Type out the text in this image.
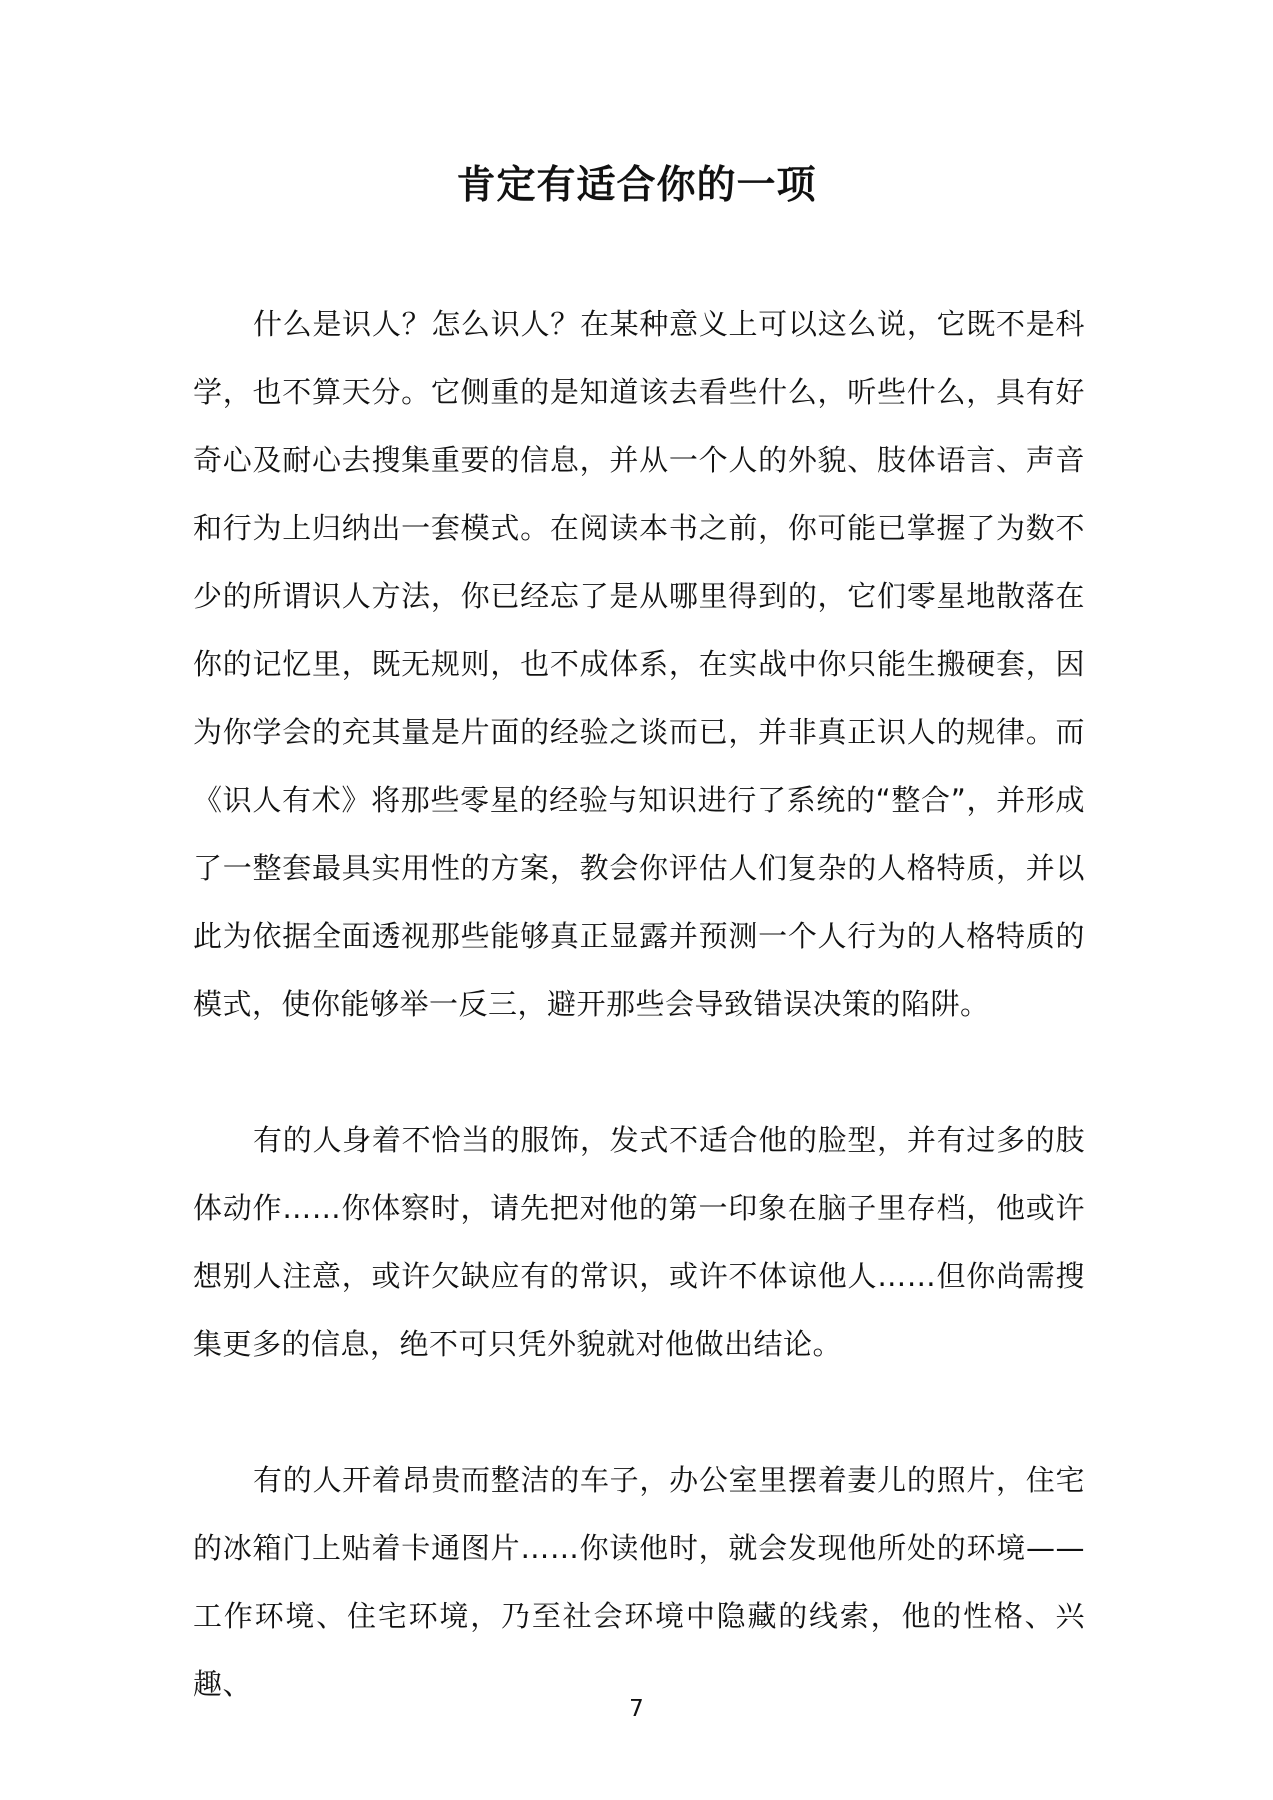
肯定有适合你的一项

什么是识人？怎么识人？在某种意义上可以这么说，它既不是科学，也不算天分。它侧重的是知道该去看些什么，听些什么，具有好奇心及耐心去搜集重要的信息，并从一个人的外貌、肢体语言、声音和行为上归纳出一套模式。在阅读本书之前，你可能已掌握了为数不少的所谓识人方法，你已经忘了是从哪里得到的，它们零星地散落在你的记忆里，既无规则，也不成体系，在实战中你只能生搬硬套，因为你学会的充其量是片面的经验之谈而已，并非真正识人的规律。而《识人有术》将那些零星的经验与知识进行了系统的“整合”，并形成了一整套最具实用性的方案，教会你评估人们复杂的人格特质，并以此为依据全面透视那些能够真正显露并预测一个人行为的人格特质的模式，使你能够举一反三，避开那些会导致错误决策的陷阱。

有的人身着不恰当的服饰，发式不适合他的脸型，并有过多的肢体动作……你体察时，请先把对他的第一印象在脑子里存档，他或许想别人注意，或许欠缺应有的常识，或许不体谅他人……但你尚需搜集更多的信息，绝不可只凭外貌就对他做出结论。

有的人开着昂贵而整洁的车子，办公室里摆着妻儿的照片，住宅的冰箱门上贴着卡通图片……你读他时，就会发现他所处的环境——工作环境、住宅环境，乃至社会环境中隐藏的线索，他的性格、兴趣、

7
